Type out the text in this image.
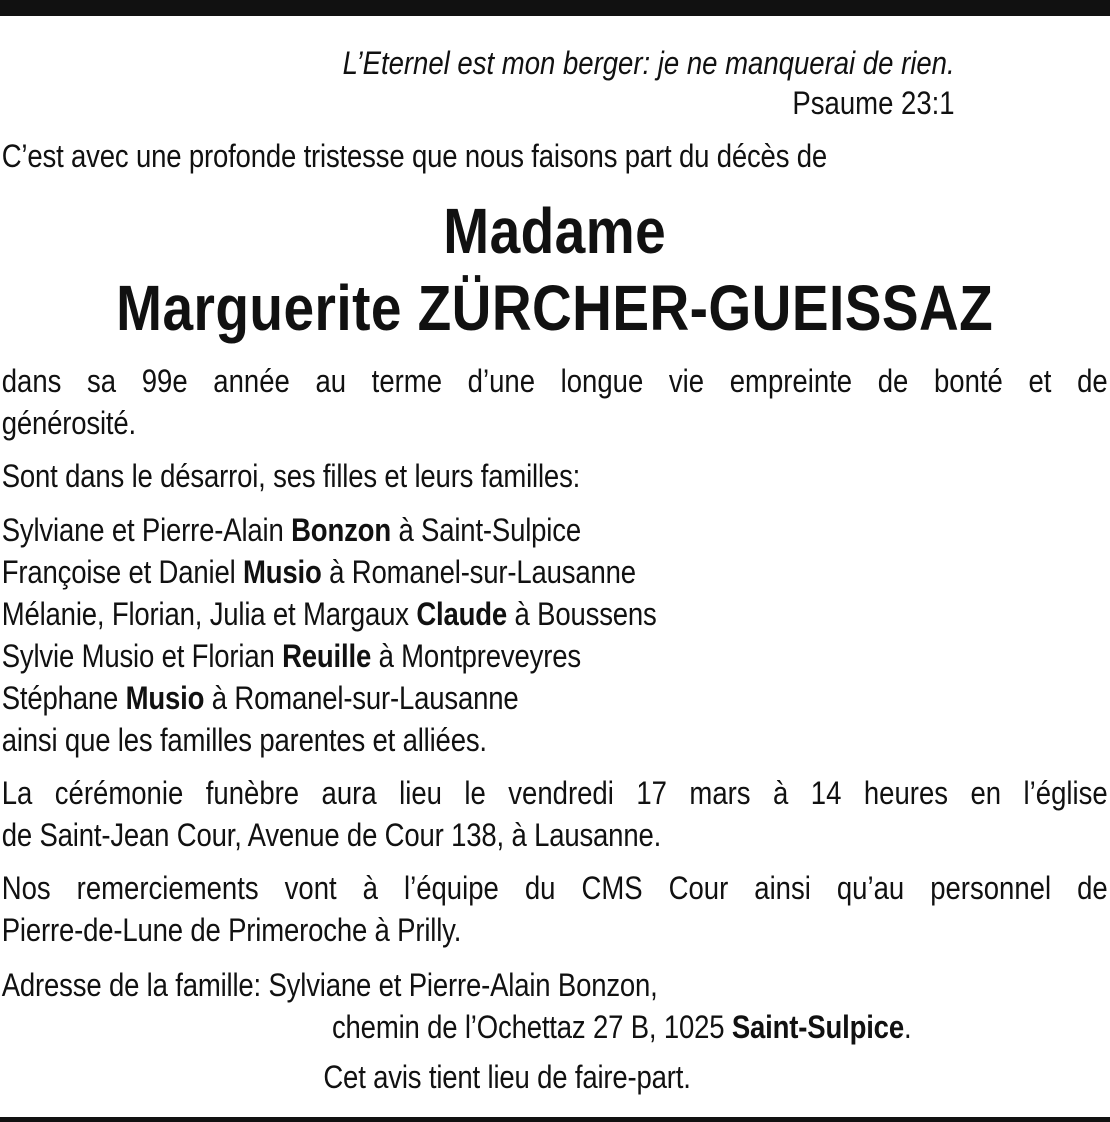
L’Eternel est mon berger: je ne manquerai de rien.
Psaume 23:1
C’est avec une profonde tristesse que nous faisons part du décès de
Madame
Marguerite ZÜRCHER-GUEISSAZ
dans sa 99e année au terme d’une longue vie empreinte de bonté et de
générosité.
Sont dans le désarroi, ses filles et leurs familles:
Sylviane et Pierre-Alain Bonzon à Saint-Sulpice
Françoise et Daniel Musio à Romanel-sur-Lausanne
Mélanie, Florian, Julia et Margaux Claude à Boussens
Sylvie Musio et Florian Reuille à Montpreveyres
Stéphane Musio à Romanel-sur-Lausanne
ainsi que les familles parentes et alliées.
La cérémonie funèbre aura lieu le vendredi 17 mars à 14 heures en l’église
de Saint-Jean Cour, Avenue de Cour 138, à Lausanne.
Nos remerciements vont à l’équipe du CMS Cour ainsi qu’au personnel de
Pierre-de-Lune de Primeroche à Prilly.
Adresse de la famille: Sylviane et Pierre-Alain Bonzon,
chemin de l’Ochettaz 27 B, 1025 Saint-Sulpice.
Cet avis tient lieu de faire-part.
